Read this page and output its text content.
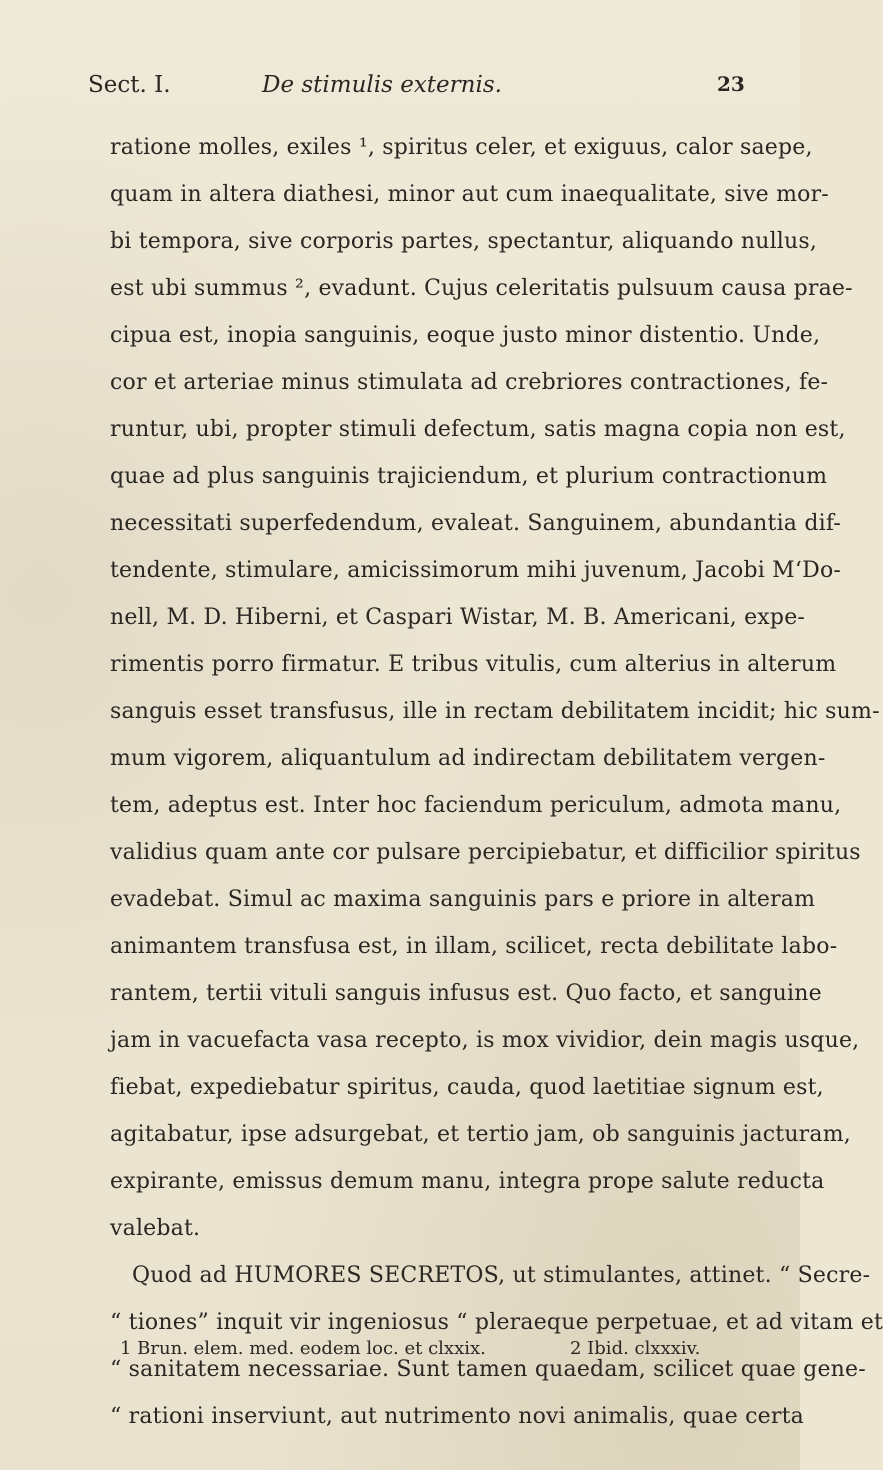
Sect. I.	De stimulis externis.	23
ratione molles, exiles ¹, spiritus celer, et exiguus, calor saepe,
quam in altera diathesi, minor aut cum inaequalitate, sive mor-
bi tempora, sive corporis partes, spectantur, aliquando nullus,
est ubi summus ², evadunt. Cujus celeritatis pulsuum causa prae-
cipua est, inopia sanguinis, eoque justo minor distentio. Unde,
cor et arteriae minus stimulata ad crebriores contractiones, fe-
runtur, ubi, propter stimuli defectum, satis magna copia non est,
quae ad plus sanguinis trajiciendum, et plurium contractionum
necessitati superfedendum, evaleat. Sanguinem, abundantia dif-
tendente, stimulare, amicissimorum mihi juvenum, Jacobi M‘Do-
nell, M. D. Hiberni, et Caspari Wistar, M. B. Americani, expe-
rimentis porro firmatur. E tribus vitulis, cum alterius in alterum
sanguis esset transfusus, ille in rectam debilitatem incidit; hic sum-
mum vigorem, aliquantulum ad indirectam debilitatem vergen-
tem, adeptus est. Inter hoc faciendum periculum, admota manu,
validius quam ante cor pulsare percipiebatur, et difficilior spiritus
evadebat. Simul ac maxima sanguinis pars e priore in alteram
animantem transfusa est, in illam, scilicet, recta debilitate labo-
rantem, tertii vituli sanguis infusus est. Quo facto, et sanguine
jam in vacuefacta vasa recepto, is mox vividior, dein magis usque,
fiebat, expediebatur spiritus, cauda, quod laetitiae signum est,
agitabatur, ipse adsurgebat, et tertio jam, ob sanguinis jacturam,
expirante, emissus demum manu, integra prope salute reducta
valebat.
Quod ad HUMORES SECRETOS, ut stimulantes, attinet. “ Secre-
“ tiones” inquit vir ingeniosus “ pleraeque perpetuae, et ad vitam et
“ sanitatem necessariae. Sunt tamen quaedam, scilicet quae gene-
“ rationi inserviunt, aut nutrimento novi animalis, quae certa
1 Brun. elem. med. eodem loc. et clxxix.	2 Ibid. clxxxiv.
